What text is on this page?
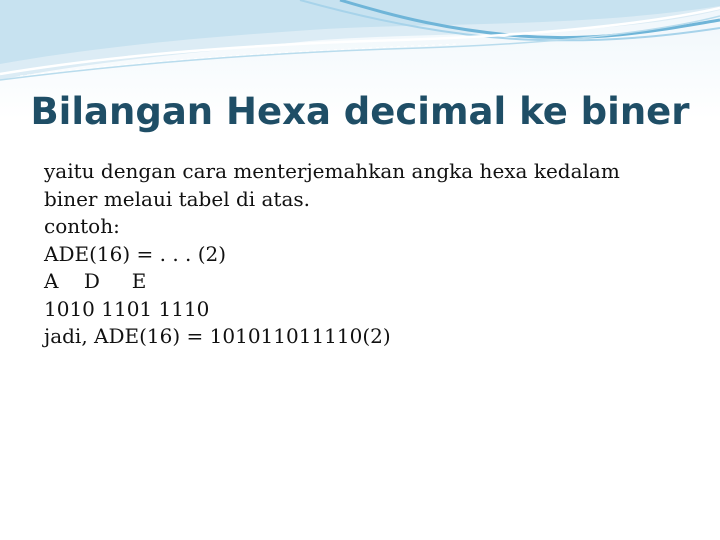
Bilangan Hexa decimal ke biner
yaitu dengan cara menterjemahkan angka hexa kedalam
biner melaui tabel di atas.
contoh:
ADE(16) = . . . (2)
A    D     E
1010 1101 1110
jadi, ADE(16) = 101011011110(2)
